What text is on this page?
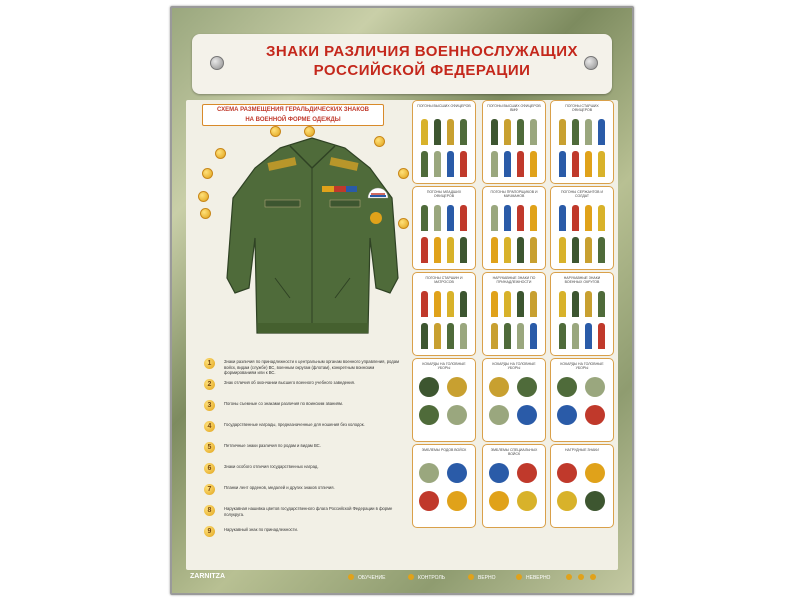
ЗНАКИ РАЗЛИЧИЯ ВОЕННОСЛУЖАЩИХ
РОССИЙСКОЙ ФЕДЕРАЦИИ
СХЕМА РАЗМЕЩЕНИЯ ГЕРАЛЬДИЧЕСКИХ ЗНАКОВ
НА ВОЕННОЙ ФОРМЕ ОДЕЖДЫ
ПОГОНЫ ВЫСШИХ ОФИЦЕРОВ	ПОГОНЫ ВЫСШИХ ОФИЦЕРОВ ВМФ
ПОГОНЫ СТАРШИХ ОФИЦЕРОВ
ПОГОНЫ МЛАДШИХ ОФИЦЕРОВ
ПОГОНЫ ПРАПОРЩИКОВ И МИЧМАНОВ
ПОГОНЫ СЕРЖАНТОВ И СОЛДАТ
ПОГОНЫ СТАРШИН И МАТРОСОВ
НАРУКАВНЫЕ ЗНАКИ ПО ПРИНАДЛЕЖНОСТИ
НАРУКАВНЫЕ ЗНАКИ ВОЕННЫХ ОКРУГОВ
КОКАРДЫ НА ГОЛОВНЫЕ УБОРЫ
КОКАРДЫ НА ГОЛОВНЫЕ УБОРЫ
КОКАРДЫ НА ГОЛОВНЫЕ УБОРЫ
ЭМБЛЕМЫ РОДОВ ВОЙСК	ЭМБЛЕМЫ СПЕЦИАЛЬНЫХ ВОЙСК
НАГРУДНЫЕ ЗНАКИ
1	Знаки различия по принадлежности к центральным органам военного управления, родам войск, видам (службе) ВС, военным округам (флотам), конкретным воинским формированиям или к ВС.
2	Знак отличия об окончании высшего военного учебного заведения.
3	Погоны съемные со знаками различия по воинским званиям.
4	Государственные награды, предназначенные для ношения без колодок.
5	Петличные знаки различия по родам и видам ВС.
6	Знаки особого отличия государственных наград.
7	Планки лент орденов, медалей и других знаков отличия.
8	Нарукавная нашивка цветов государственного флага Российской Федерации в форме полукруга.
9	Нарукавный знак по принадлежности.
ZARNITZA	ОБУЧЕНИЕ	КОНТРОЛЬ	ВЕРНО	НЕВЕРНО
